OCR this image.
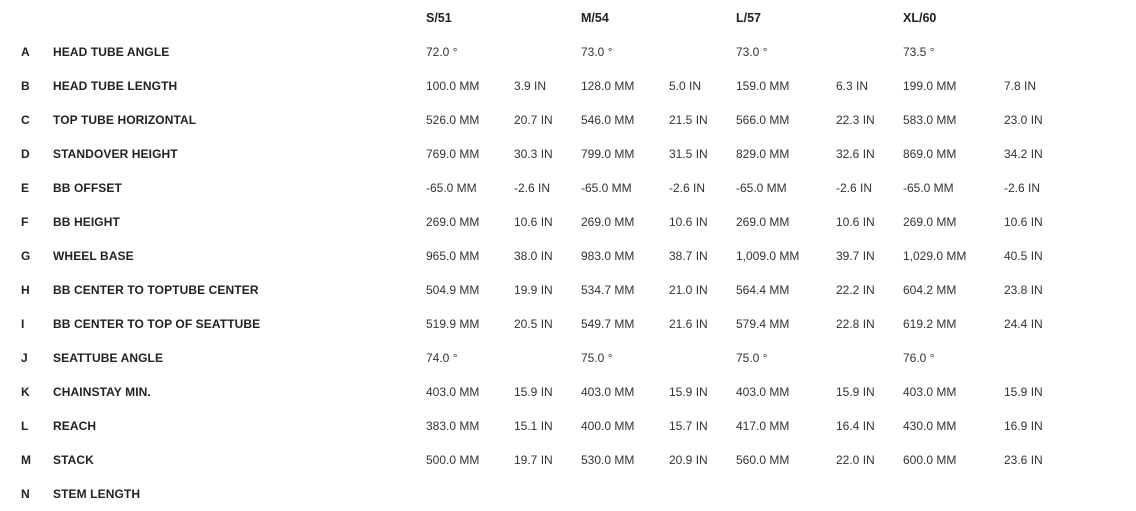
S/51	M/54	L/57	XL/60
A HEAD TUBE ANGLE	72.0 °	73.0 °	73.0 °	73.5 °
B HEAD TUBE LENGTH	100.0 MM	3.9 IN	128.0 MM	5.0 IN	159.0 MM	6.3 IN	199.0 MM	7.8 IN
C TOP TUBE HORIZONTAL	526.0 MM	20.7 IN 546.0 MM	21.5 IN 566.0 MM	22.3 IN 583.0 MM	23.0 IN
D STANDOVER HEIGHT	769.0 MM	30.3 IN 799.0 MM	31.5 IN 829.0 MM	32.6 IN 869.0 MM	34.2 IN
E BB OFFSET	-65.0 MM	-2.6 IN	-65.0 MM	-2.6 IN	-65.0 MM	-2.6 IN	-65.0 MM	-2.6 IN
F BB HEIGHT	269.0 MM	10.6 IN 269.0 MM	10.6 IN 269.0 MM	10.6 IN 269.0 MM	10.6 IN
G WHEEL BASE	965.0 MM	38.0 IN 983.0 MM	38.7 IN 1,009.0 MM	39.7 IN 1,029.0 MM	40.5 IN
H BB CENTER TO TOPTUBE CENTER	504.9 MM	19.9 IN 534.7 MM	21.0 IN 564.4 MM	22.2 IN 604.2 MM	23.8 IN
I BB CENTER TO TOP OF SEATTUBE	519.9 MM	20.5 IN 549.7 MM	21.6 IN 579.4 MM	22.8 IN 619.2 MM	24.4 IN
J SEATTUBE ANGLE	74.0 °	75.0 °	75.0 °	76.0 °
K CHAINSTAY MIN.	403.0 MM	15.9 IN 403.0 MM	15.9 IN 403.0 MM	15.9 IN 403.0 MM	15.9 IN
L REACH	383.0 MM	15.1 IN 400.0 MM	15.7 IN 417.0 MM	16.4 IN 430.0 MM	16.9 IN
M STACK	500.0 MM	19.7 IN 530.0 MM	20.9 IN 560.0 MM	22.0 IN 600.0 MM	23.6 IN
N STEM LENGTH
